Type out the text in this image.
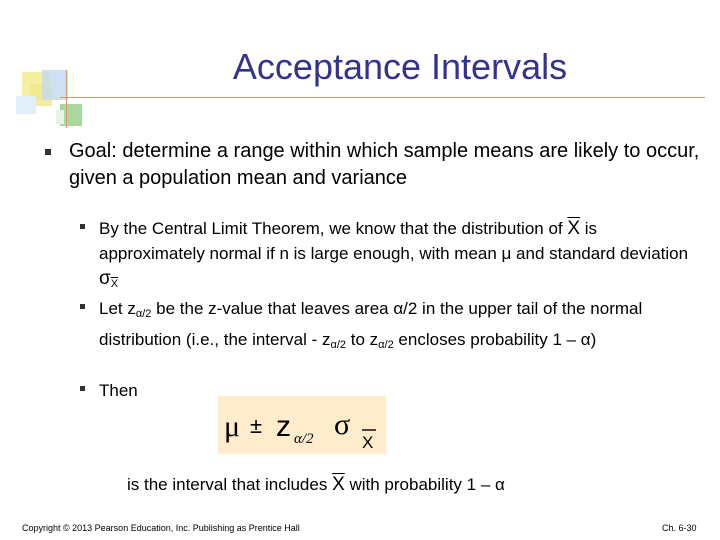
Acceptance Intervals
Goal: determine a range within which sample means are likely to occur, given a population mean and variance
By the Central Limit Theorem, we know that the distribution of $\overline{X}$ is approximately normal if n is large enough, with mean μ and standard deviation $\sigma_{\overline{X}}$
Let $z_{\alpha/2}$ be the z-value that leaves area α/2 in the upper tail of the normal distribution (i.e., the interval - $z_{\alpha/2}$ to $z_{\alpha/2}$ encloses probability 1 – α)
Then
μ ± z α/2 σ
X
is the interval that includes $\overline{X}$ with probability 1 – α
Copyright © 2013 Pearson Education, Inc. Publishing as Prentice Hall	Ch. 6-30
